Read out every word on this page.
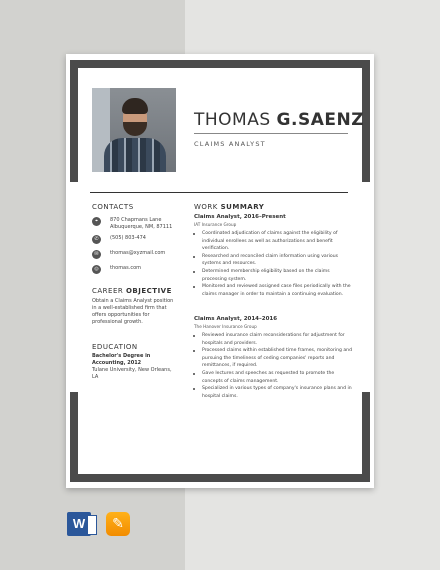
THOMAS G.SAENZ
CLAIMS ANALYST
CONTACTS
⌖	870 Chapmans Lane Albuquerque, NM, 87111
✆	(505) 803-474
✉	thomas@xyzmail.com
◎	thomas.com
CAREER OBJECTIVE
Obtain a Claims Analyst position in a well-established firm that offers opportunities for professional growth.
EDUCATION
Bachelor's Degree in Accounting, 2012
Tulane University, New Orleans, LA
WORK SUMMARY
Claims Analyst, 2016–Present
IAT Insurance Group
Coordinated adjudication of claims against the eligibility of individual enrollees as well as authorizations and benefit verification.
Researched and reconciled claim information using various systems and resources.
Determined membership eligibility based on the claims processing system.
Monitored and reviewed assigned case files periodically with the claims manager in order to maintain a continuing evaluation.
Claims Analyst, 2014–2016
The Hanover Insurance Group
Reviewed insurance claim reconsiderations for adjustment for hospitals and providers.
Processed claims within established time frames, monitoring and pursuing the timeliness of ceding companies' reports and remittances, if required.
Gave lectures and speeches as requested to promote the concepts of claims management.
Specialized in various types of company's insurance plans and in hospital claims.
W	✎
